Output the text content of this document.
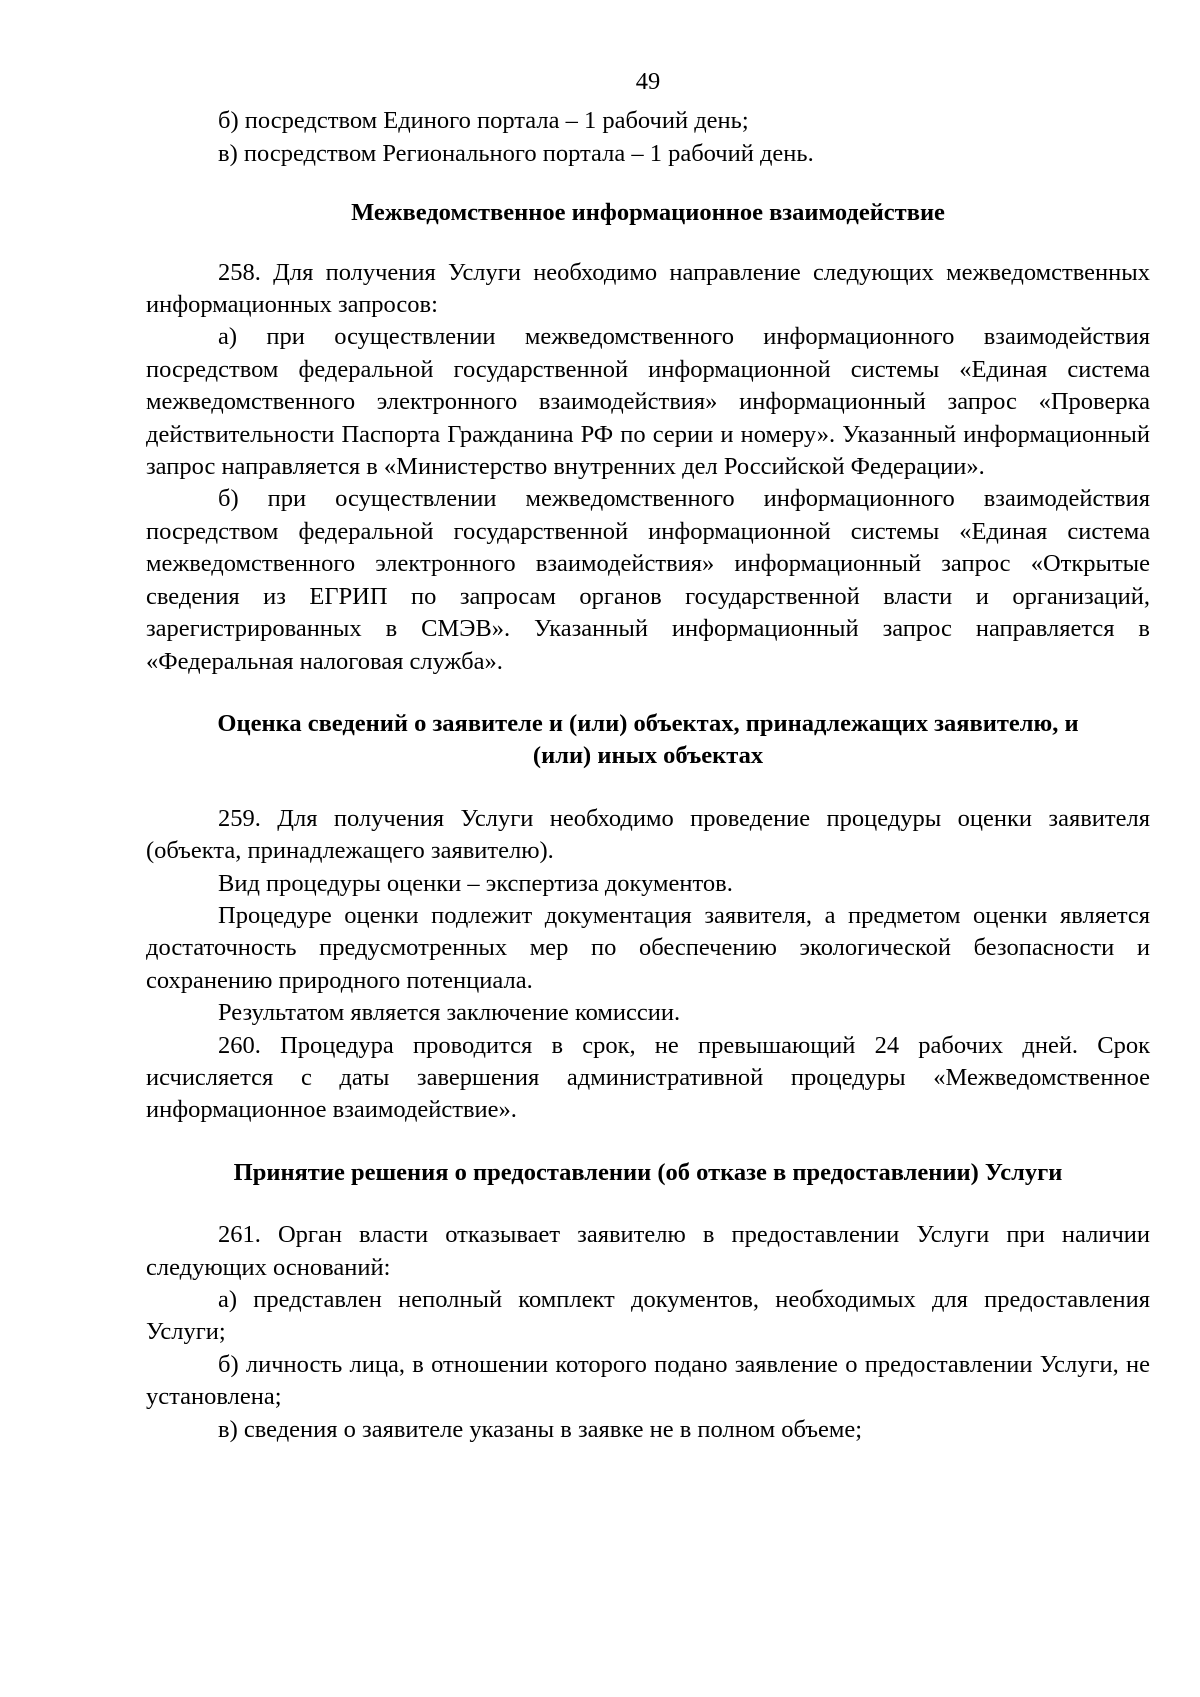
49

б) посредством Единого портала – 1 рабочий день;

в) посредством Регионального портала – 1 рабочий день.

Межведомственное информационное взаимодействие

258. Для получения Услуги необходимо направление следующих межведомственных информационных запросов:

а) при осуществлении межведомственного информационного взаимодействия посредством федеральной государственной информационной системы «Единая система межведомственного электронного взаимодействия» информационный запрос «Проверка действительности Паспорта Гражданина РФ по серии и номеру». Указанный информационный запрос направляется в «Министерство внутренних дел Российской Федерации».

б) при осуществлении межведомственного информационного взаимодействия посредством федеральной государственной информационной системы «Единая система межведомственного электронного взаимодействия» информационный запрос «Открытые сведения из ЕГРИП по запросам органов государственной власти и организаций, зарегистрированных в СМЭВ». Указанный информационный запрос направляется в «Федеральная налоговая служба».

Оценка сведений о заявителе и (или) объектах, принадлежащих заявителю, и

(или) иных объектах

259. Для получения Услуги необходимо проведение процедуры оценки заявителя (объекта, принадлежащего заявителю).

Вид процедуры оценки – экспертиза документов.

Процедуре оценки подлежит документация заявителя, а предметом оценки является достаточность предусмотренных мер по обеспечению экологической безопасности и сохранению природного потенциала.

Результатом является заключение комиссии.

260. Процедура проводится в срок, не превышающий 24 рабочих дней. Срок исчисляется с даты завершения административной процедуры «Межведомственное информационное взаимодействие».

Принятие решения о предоставлении (об отказе в предоставлении) Услуги

261. Орган власти отказывает заявителю в предоставлении Услуги при наличии следующих оснований:

а) представлен неполный комплект документов, необходимых для предоставления Услуги;

б) личность лица, в отношении которого подано заявление о предоставлении Услуги, не установлена;

в) сведения о заявителе указаны в заявке не в полном объеме;
